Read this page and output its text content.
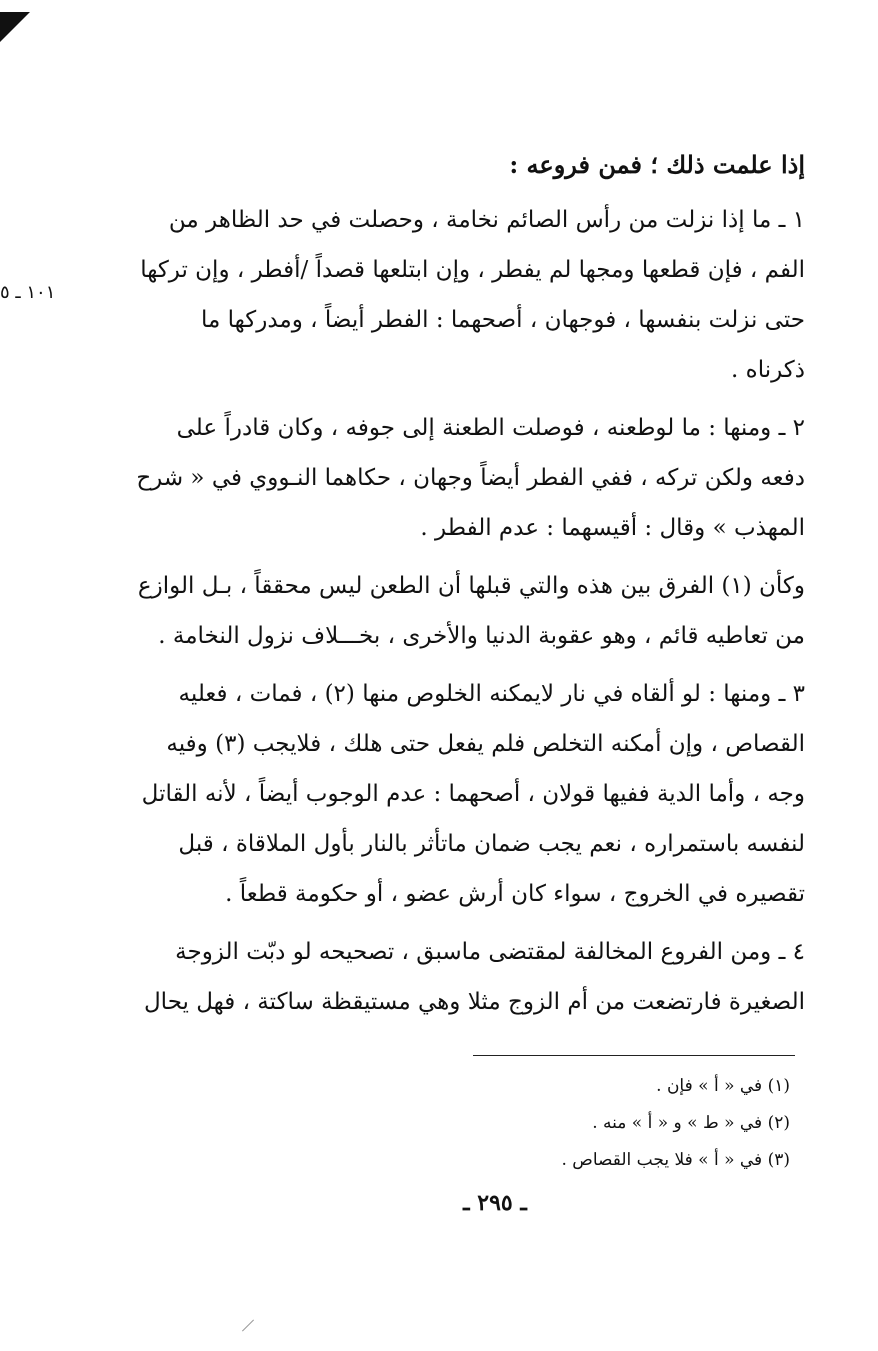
١٠١ ـ ٥

إذا علمت ذلك ؛ فمن فروعه :

١ ـ ما إذا نزلت من رأس الصائم نخامة ، وحصلت في حد الظاهر من الفم ، فإن قطعها ومجها لم يفطر ، وإن ابتلعها قصداً /أفطر ، وإن تركها حتى نزلت بنفسها ، فوجهان ، أصحهما : الفطر أيضاً ، ومدركها ما ذكرناه .

٢ ـ ومنها : ما لوطعنه ، فوصلت الطعنة إلى جوفه ، وكان قادراً على دفعه ولكن تركه ، ففي الفطر أيضاً وجهان ، حكاهما النـووي في « شرح المهذب » وقال : أقيسهما : عدم الفطر .

وكأن (١) الفرق بين هذه والتي قبلها أن الطعن ليس محققاً ، بـل الوازع من تعاطيه قائم ، وهو عقوبة الدنيا والأخرى ، بخـــلاف نزول النخامة .

٣ ـ ومنها : لو ألقاه في نار لايمكنه الخلوص منها (٢) ، فمات ، فعليه القصاص ، وإن أمكنه التخلص فلم يفعل حتى هلك ، فلايجب (٣) وفيه وجه ، وأما الدية ففيها قولان ، أصحهما : عدم الوجوب أيضاً ، لأنه القاتل لنفسه باستمراره ، نعم يجب ضمان ماتأثر بالنار بأول الملاقاة ، قبل تقصيره في الخروج ، سواء كان أرش عضو ، أو حكومة قطعاً .

٤ ـ ومن الفروع المخالفة لمقتضى ماسبق ، تصحيحه لو دبّت الزوجة الصغيرة فارتضعت من أم الزوج مثلا وهي مستيقظة ساكتة ، فهل يحال

(١) في « أ » فإن .

(٢) في « ط » و « أ » منه .

(٣) في « أ » فلا يجب القصاص .

ـ ٢٩٥ ـ
